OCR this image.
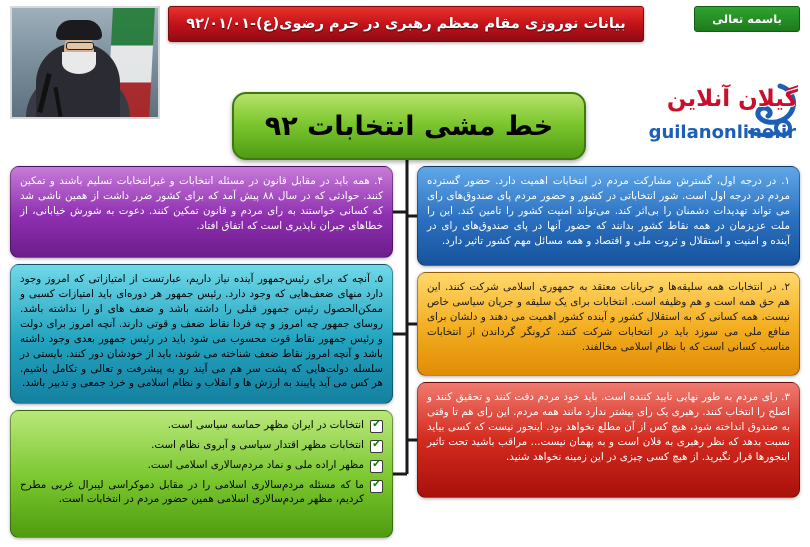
بیانات نوروزی مقام معظم رهبری در حرم رضوی(ع)-۹۲/۰۱/۰۱	باسمه تعالی
گیلان آنلاین
guilanonline.ir
خط مشی انتخابات ۹۲
۱. در درجه اول، گسترش مشارکت مردم در انتخابات اهمیت دارد. حضور گسترده مردم در درجه اول است. شور انتخاباتی در کشور و حضور مردم پای صندوق‌های رای می تواند تهدیدات دشمنان را بی‌اثر کند. می‌تواند امنیت کشور را تامین کند. این را ملت عزیزمان در همه نقاط کشور بدانند که حضور آنها در پای صندوق‌های رای در آینده و امنیت و استقلال و ثروت ملی و اقتصاد و همه مسائل مهم کشور تاثیر دارد.
۲. در انتخابات همه سلیقه‌ها و جریانات معتقد به جمهوری اسلامی شرکت کنند. این هم حق همه است و هم وظیفه است. انتخابات برای یک سلیقه و جریان سیاسی خاص نیست. همه کسانی که به استقلال کشور و آینده کشور اهمیت می دهند و دلشان برای منافع ملی می سوزد باید در انتخابات شرکت کنند. کرونگر گرداندن از انتخابات مناسب کسانی است که با نظام اسلامی مخالفند.
۳. رای مردم به طور نهایی تایید کننده است. باید خود مردم دقت کنند و تحقیق کنند و اصلح را انتخاب کنند. رهبری یک رای بیشتر ندارد مانند همه مردم. این رای هم تا وقتی به صندوق انداخته شود، هیچ کس از آن مطلع نخواهد بود. اینجور نیست که کسی بیاید نسبت بدهد که نظر رهبری به فلان است و به پهمان نیست... مراقب باشید تحت تاثیر اینجورها قرار نگیرید. از هیچ کسی چیزی در این زمینه نخواهد شنید.
۴. همه باید در مقابل قانون در مسئله انتخابات و غیرانتخابات تسلیم باشند و تمکین کنند. حوادثی که در سال ۸۸ پیش آمد که برای کشور ضرر داشت از همین ناشی شد که کسانی خواستند به رای مردم و قانون تمکین کنند. دعوت به شورش خیابانی، از خطاهای جبران ناپذیری است که اتفاق افتاد.
۵. آنچه که برای رئیس‌جمهور آینده نیاز داریم، عبارتست از امتیازاتی که امروز وجود دارد منهای ضعف‌هایی که وجود دارد. رئیس جمهور هر دوره‌ای باید امتیازات کسبی و ممکن‌الحصول رئیس جمهور قبلی را داشته باشد و ضعف های او را نداشته باشد. روسای جمهور چه امروز و چه فردا نقاط ضعف و قوتی دارند. آنچه امروز برای دولت و رئیس جمهور نقاط قوت محسوب می شود باید در رئیس جمهور بعدی وجود داشته باشد و آنچه امروز نقاط ضعف شناخته می شوند، باید از خودشان دور کنند. بایستی در سلسله دولت‌هایی که پشت سر هم می آیند رو به پیشرفت و تعالی و تکامل باشیم. هر کس می آید پایبند به ارزش ها و انقلاب و نظام اسلامی و خرد جمعی و تدبیر باشد.
✔
انتخابات در ایران مظهر حماسه سیاسی است.
✔
انتخابات مظهر اقتدار سیاسی و آبروی نظام است.
✔
مظهر اراده ملی و نماد مردم‌سالاری اسلامی است.
✔
ما که مسئله مردم‌سالاری اسلامی را در مقابل دموکراسی لیبرال غربی مطرح کردیم، مظهر مردم‌سالاری اسلامی همین حضور مردم در انتخابات است.
